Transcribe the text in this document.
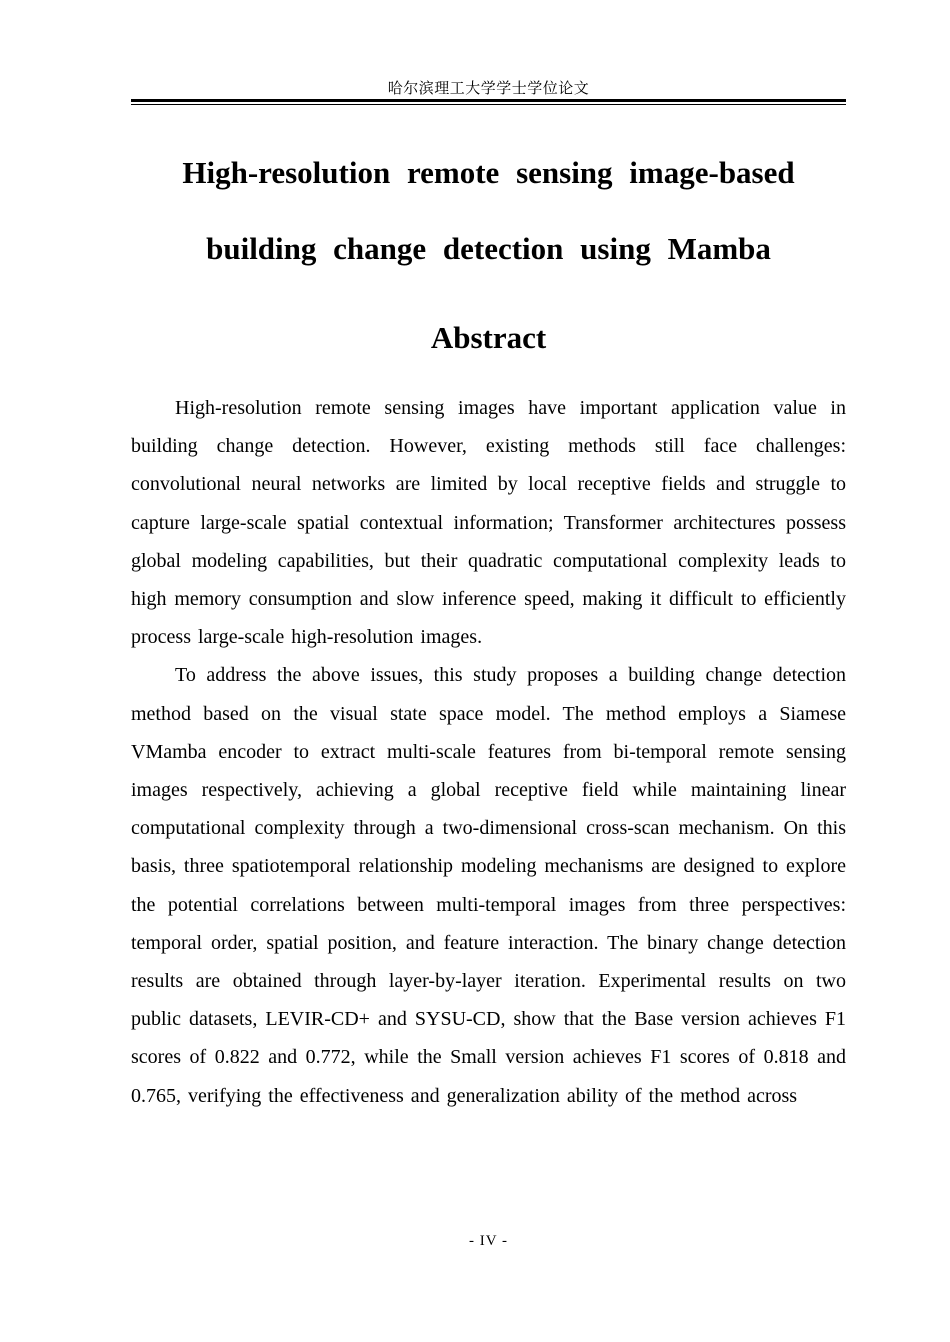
哈尔滨理工大学学士学位论文
High-resolution remote sensing image-based
building change detection using Mamba
Abstract

High-resolution remote sensing images have important application value in building change detection. However, existing methods still face challenges: convolutional neural networks are limited by local receptive fields and struggle to capture large-scale spatial contextual information; Transformer architectures possess global modeling capabilities, but their quadratic computational complexity leads to high memory consumption and slow inference speed, making it difficult to efficiently process large-scale high-resolution images.

To address the above issues, this study proposes a building change detection method based on the visual state space model. The method employs a Siamese VMamba encoder to extract multi-scale features from bi-temporal remote sensing images respectively, achieving a global receptive field while maintaining linear computational complexity through a two-dimensional cross-scan mechanism. On this basis, three spatiotemporal relationship modeling mechanisms are designed to explore the potential correlations between multi-temporal images from three perspectives: temporal order, spatial position, and feature interaction. The binary change detection results are obtained through layer-by-layer iteration. Experimental results on two public datasets, LEVIR-CD+ and SYSU-CD, show that the Base version achieves F1 scores of 0.822 and 0.772, while the Small version achieves F1 scores of 0.818 and 0.765, verifying the effectiveness and generalization ability of the method across

- IV -
